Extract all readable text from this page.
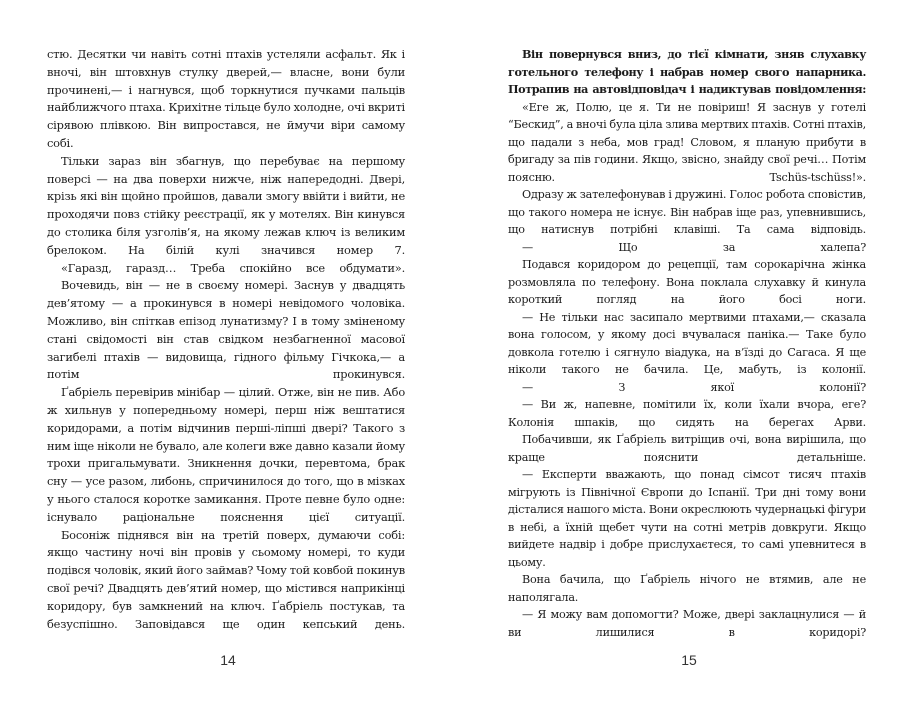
стю. Десятки чи навіть сотні птахів устеляли асфальт. Як і вночі, він штовхнув стулку дверей,— власне, вони були прочинені,— і нагнувся, щоб торкнутися пучками пальців найближчого птаха. Крихітне тільце було холодне, очі вкриті сірявою плівкою. Він випростався, не ймучи віри самому собі.

Тільки зараз він збагнув, що перебуває на першому поверсі — на два поверхи нижче, ніж напередодні. Двері, крізь які він щойно пройшов, давали змогу ввійти і вийти, не проходячи повз стійку реєстрації, як у мотелях. Він кинувся до столика біля узголів’я, на якому лежав ключ із великим брелоком. На білій кулі значився номер 7.

«Гаразд, гаразд… Треба спокійно все обдумати».

Вочевидь, він — не в своєму номері. Заснув у двадцять дев’ятому — а прокинувся в номері невідомого чоловіка. Можливо, він спіткав епізод лунатизму? І в тому зміненому стані свідомості він став свідком незбагненної масової загибелі птахів — видовища, гідного фільму Гічкока,— а потім прокинувся.

Ґабріель перевірив мінібар — цілий. Отже, він не пив. Або ж хильнув у попередньому номері, перш ніж вештатися коридорами, а потім відчинив перші-ліпші двері? Такого з ним іще ніколи не бувало, але колеги вже давно казали йому трохи пригальмувати. Зникнення дочки, перевтома, брак сну — усе разом, либонь, спричинилося до того, що в мізках у нього сталося коротке замикання. Проте певне було одне: існувало раціональне пояснення цієї ситуації.

Босоніж піднявся він на третій поверх, думаючи собі: якщо частину ночі він провів у сьомому номері, то куди подівся чоловік, який його займав? Чому той ковбой покинув свої речі? Двадцять дев’ятий номер, що містився наприкінці коридору, був замкнений на ключ. Ґабріель постукав, та безуспішно. Заповідався ще один кепський день.

14

Він повернувся вниз, до тієї кімнати, зняв слухавку готельного телефону і набрав номер свого напарника. Потрапив на автовідповідач і надиктував повідомлення:

«Еге ж, Полю, це я. Ти не повіриш! Я заснув у готелі “Бескид”, а вночі була ціла злива мертвих птахів. Сотні птахів, що падали з неба, мов град! Словом, я планую прибути в бригаду за пів години. Якщо, звісно, знайду свої речі… Потім поясню. Tschüs-tschüss!».

Одразу ж зателефонував і дружині. Голос робота сповістив, що такого номера не існує. Він набрав іще раз, упевнившись, що натиснув потрібні клавіші. Та сама відповідь.

— Що за халепа?

Подався коридором до рецепції, там сорокарічна жінка розмовляла по телефону. Вона поклала слухавку й кинула короткий погляд на його босі ноги.

— Не тільки нас засипало мертвими птахами,— сказала вона голосом, у якому досі вчувалася паніка.— Таке було довкола готелю і сягнуло віадука, на в’їзді до Сагаса. Я ще ніколи такого не бачила. Це, мабуть, із колонії.

— З якої колонії?

— Ви ж, напевне, помітили їх, коли їхали вчора, еге? Колонія шпаків, що сидять на берегах Арви.

Побачивши, як Ґабріель витріщив очі, вона вирішила, що краще пояснити детальніше.

— Експерти вважають, що понад сімсот тисяч птахів мігрують із Північної Європи до Іспанії. Три дні тому вони дісталися нашого міста. Вони окреслюють чудернацькі фігури в небі, а їхній щебет чути на сотні метрів довкруги. Якщо вийдете надвір і добре прислухаєтеся, то самі упевнитеся в цьому.

Вона бачила, що Ґабріель нічого не втямив, але не наполягала.

— Я можу вам допомогти? Може, двері заклацнулися — й ви лишилися в коридорі?

15
